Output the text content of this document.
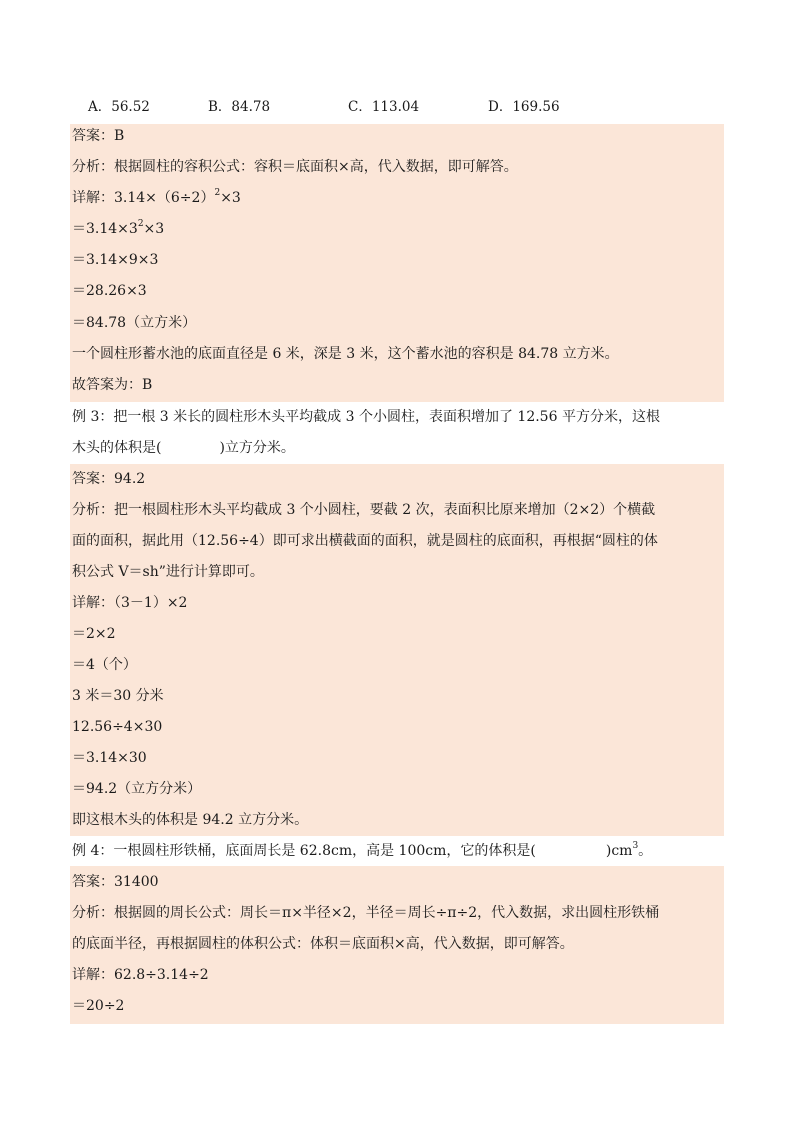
A．56.52	B．84.78	C．113.04	D．169.56
答案：B
分析：根据圆柱的容积公式：容积＝底面积×高，代入数据，即可解答。
详解：$3.14\times(6\div 2)^2\times 3$
$=3.14\times 3^2\times 3$
＝3.14×9×3
＝28.26×3
＝84.78（立方米）
一个圆柱形蓄水池的底面直径是 6 米，深是 3 米，这个蓄水池的容积是 84.78 立方米。
故答案为：B
例 3：把一根 3 米长的圆柱形木头平均截成 3 个小圆柱，表面积增加了 12.56 平方分米，这根
木头的体积是(	)立方分米。
答案：94.2
分析：把一根圆柱形木头平均截成 3 个小圆柱，要截 2 次，表面积比原来增加（2×2）个横截
面的面积，据此用（12.56÷4）即可求出横截面的面积，就是圆柱的底面积，再根据“圆柱的体
积公式 V＝sh”进行计算即可。
详解：（3－1）×2
＝2×2
＝4（个）
3 米＝30 分米
12.56÷4×30
＝3.14×30
＝94.2（立方分米）
即这根木头的体积是 94.2 立方分米。
例 4：一根圆柱形铁桶，底面周长是 62.8cm，高是 100cm，它的体积是(	)$cm^3$。
答案：31400
分析：根据圆的周长公式：周长＝π×半径×2，半径＝周长÷π÷2，代入数据，求出圆柱形铁桶
的底面半径，再根据圆柱的体积公式：体积＝底面积×高，代入数据，即可解答。
详解：62.8÷3.14÷2
＝20÷2
